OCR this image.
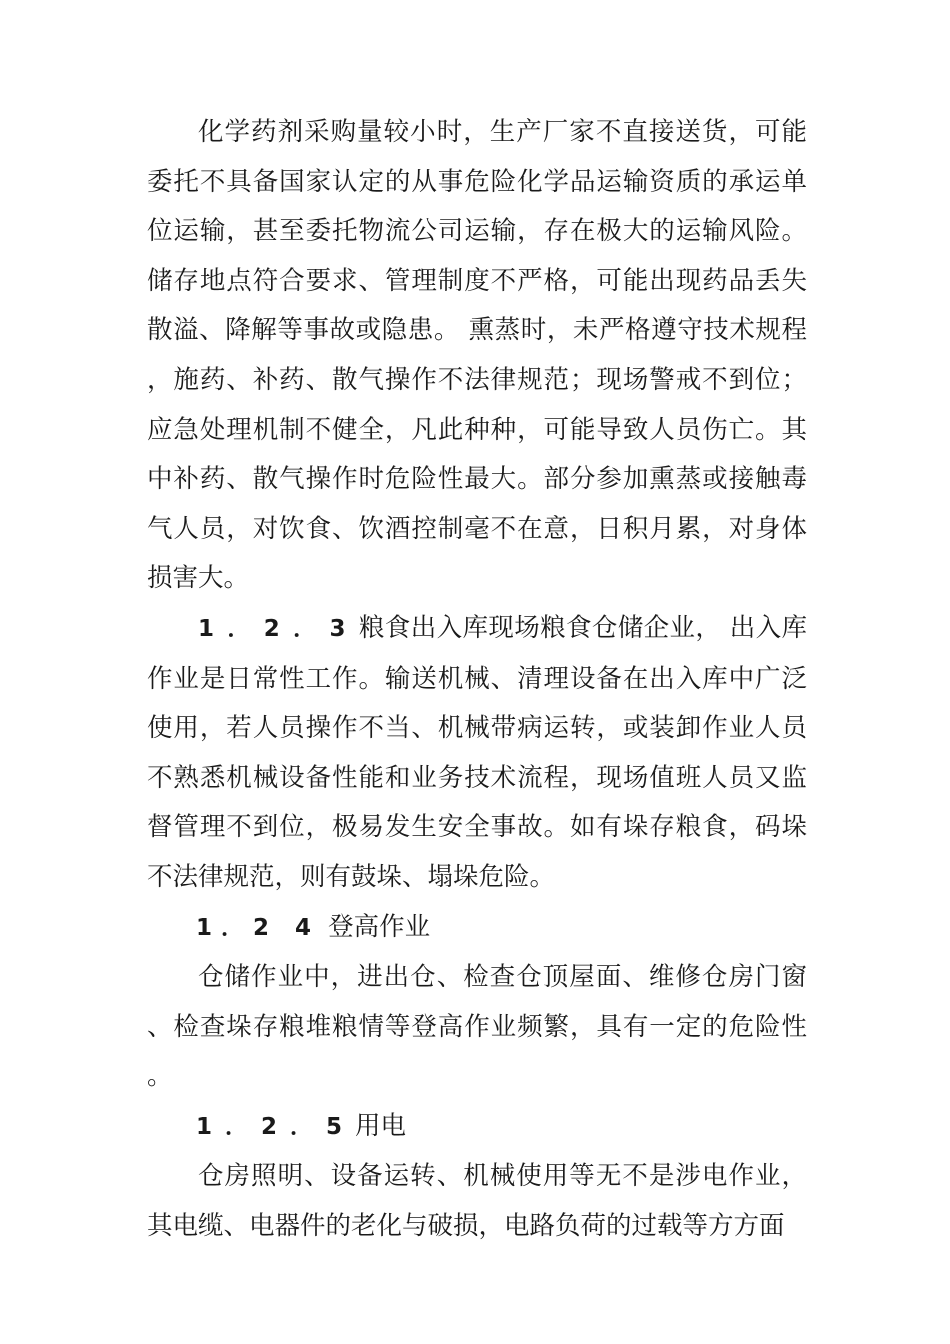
化学药剂采购量较小时，生产厂家不直接送货，可能委托不具备国家认定的从事危险化学品运输资质的承运单位运输，甚至委托物流公司运输，存在极大的运输风险。储存地点符合要求、管理制度不严格，可能出现药品丢失散溢、降解等事故或隐患。 熏蒸时，未严格遵守技术规程，施药、补药、散气操作不法律规范；现场警戒不到位；应急处理机制不健全，凡此种种，可能导致人员伤亡。其中补药、散气操作时危险性最大。部分参加熏蒸或接触毒气人员，对饮食、饮酒控制毫不在意，日积月累，对身体损害大。

1．2．3粮食出入库现场粮食仓储企业， 出入库作业是日常性工作。输送机械、清理设备在出入库中广泛使用，若人员操作不当、机械带病运转，或装卸作业人员不熟悉机械设备性能和业务技术流程，现场值班人员又监督管理不到位，极易发生安全事故。如有垛存粮食，码垛不法律规范，则有鼓垛、塌垛危险。

1．2 4 登高作业

仓储作业中，进出仓、检查仓顶屋面、维修仓房门窗、检查垛存粮堆粮情等登高作业频繁，具有一定的危险性。

1．2．5用电

仓房照明、设备运转、机械使用等无不是涉电作业，其电缆、电器件的老化与破损，电路负荷的过载等方方面
